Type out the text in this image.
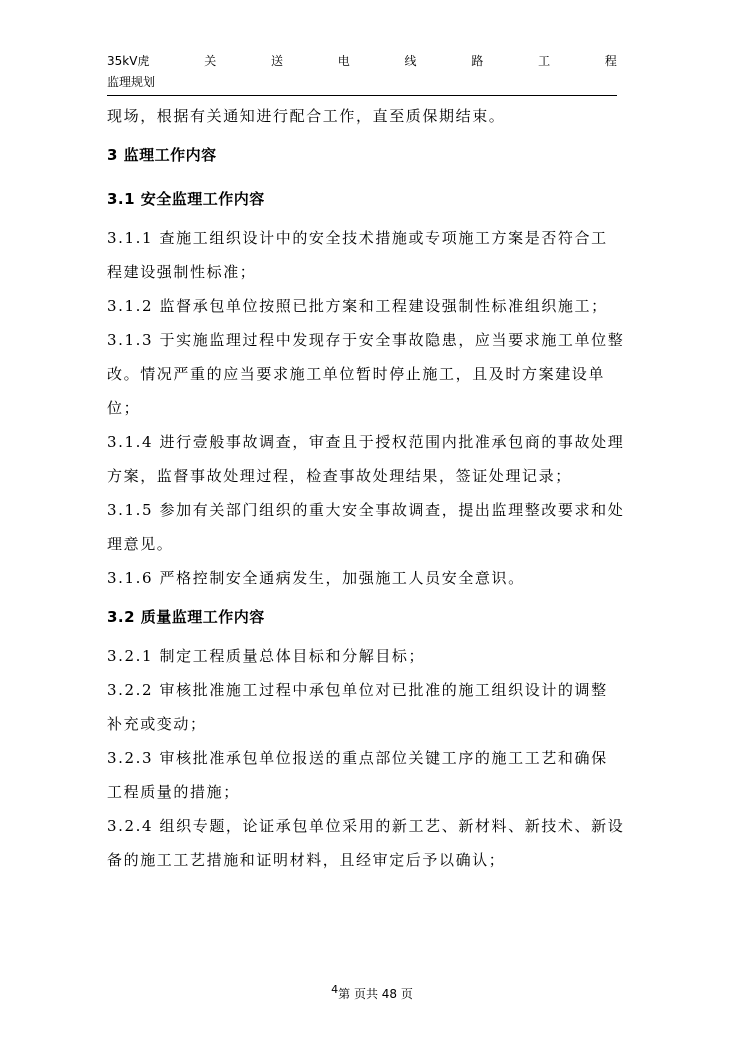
35kV虎	关	送	电	线	路	工	程
监理规划
现场，根据有关通知进行配合工作，直至质保期结束。
3 监理工作内容
3.1 安全监理工作内容
3.1.1 查施工组织设计中的安全技术措施或专项施工方案是否符合工
程建设强制性标准；
3.1.2 监督承包单位按照已批方案和工程建设强制性标准组织施工；
3.1.3 于实施监理过程中发现存于安全事故隐患，应当要求施工单位整
改。情况严重的应当要求施工单位暂时停止施工，且及时方案建设单
位；
3.1.4 进行壹般事故调查，审查且于授权范围内批准承包商的事故处理
方案，监督事故处理过程，检查事故处理结果，签证处理记录；
3.1.5 参加有关部门组织的重大安全事故调查，提出监理整改要求和处
理意见。
3.1.6 严格控制安全通病发生，加强施工人员安全意识。
3.2 质量监理工作内容
3.2.1 制定工程质量总体目标和分解目标；
3.2.2 审核批准施工过程中承包单位对已批准的施工组织设计的调整
补充或变动；
3.2.3 审核批准承包单位报送的重点部位关键工序的施工工艺和确保
工程质量的措施；
3.2.4 组织专题，论证承包单位采用的新工艺、新材料、新技术、新设
备的施工工艺措施和证明材料，且经审定后予以确认；
$^4$第 页共 48 页
